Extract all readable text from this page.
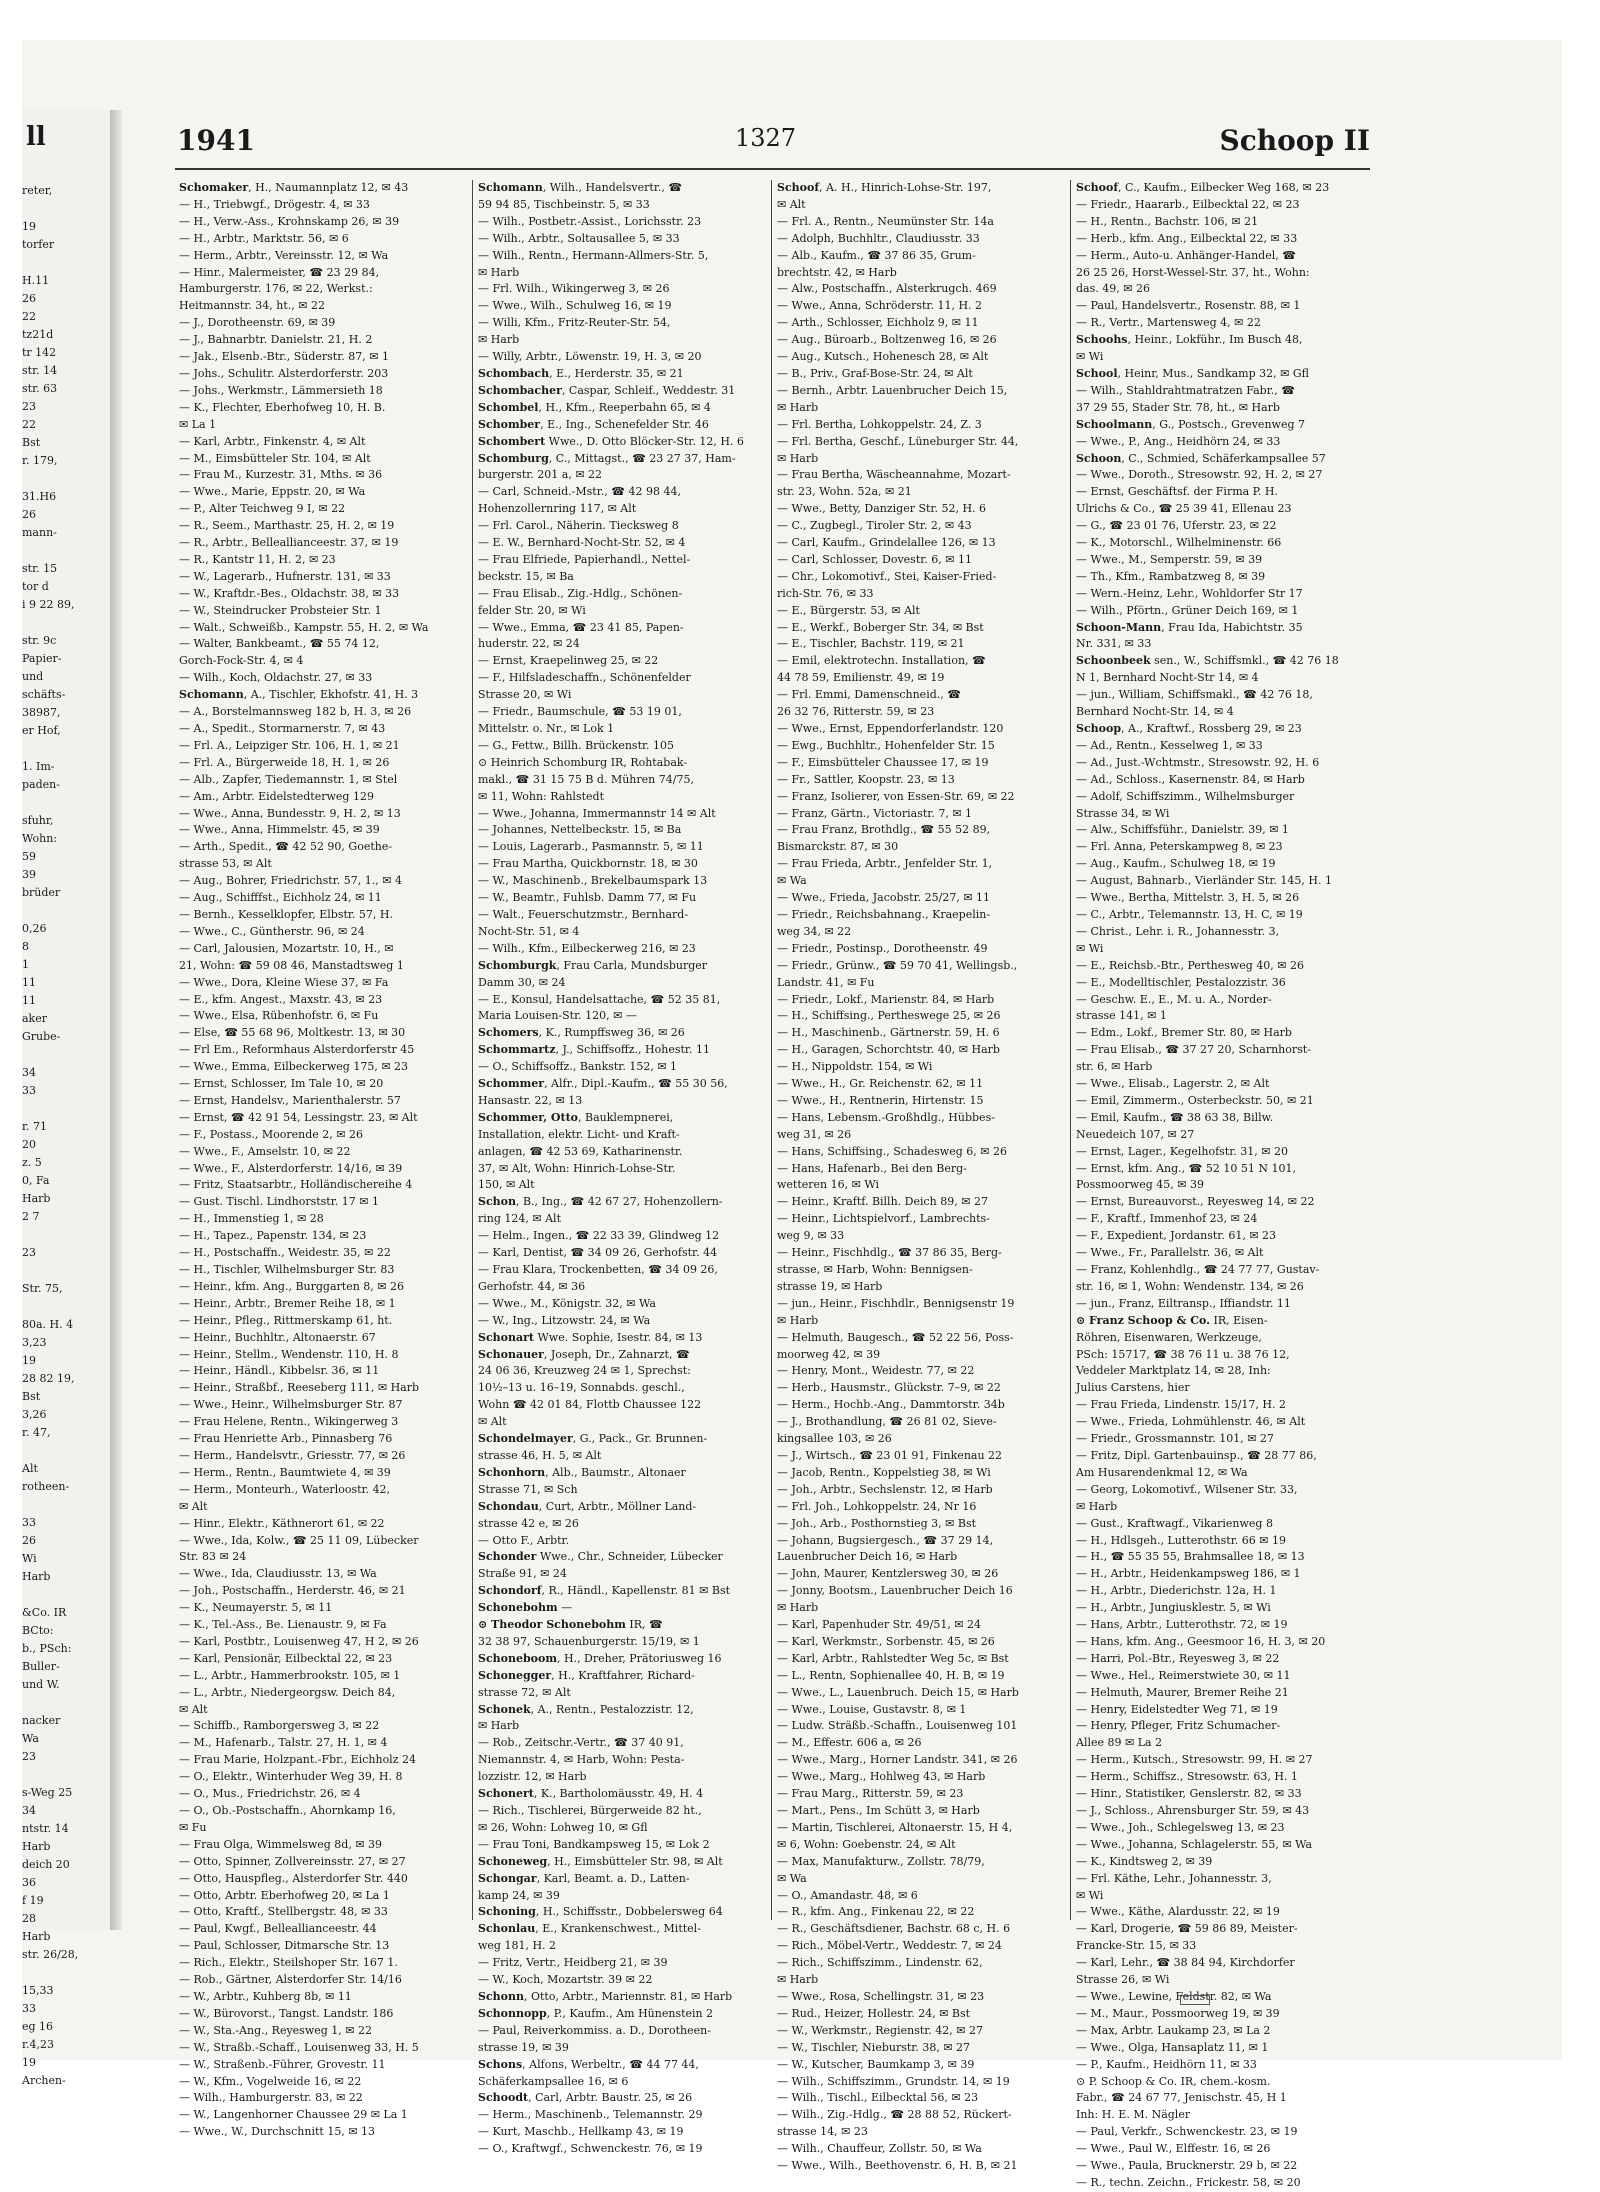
ll
reter,

19
torfer

H.11
26
22
tz21d
tr 142
str. 14
str. 63
23
22
Bst
r. 179,

31.H6
26
mann-

str. 15
tor d
i 9 22 89,

str. 9c
Papier-
und
schäfts-
38987,
er Hof,

1. Im-
paden-

sfuhr,
Wohn:
59
39
brüder

0,26
8
1
11
11
aker
Grube-

34
33

r. 71
20
z. 5
0, Fa
Harb
2 7

23

Str. 75,

80a. H. 4
3,23
19
28 82 19,
Bst
3,26
r. 47,

Alt
rotheen-

33
26
Wi
Harb

&Co. IR
BCto:
b., PSch:
Buller-
und W.

nacker
Wa
23

s-Weg 25
34
ntstr. 14
Harb
deich 20
36
f 19
28
Harb
str. 26/28,

15,33
33
eg 16
r.4,23
19
Archen-
1941	1327	Schoop II
Schomaker, H., Naumannplatz 12, ✉ 43
— H., Triebwgf., Drögestr. 4, ✉ 33
— H., Verw.-Ass., Krohnskamp 26, ✉ 39
— H., Arbtr., Marktstr. 56, ✉ 6
— Herm., Arbtr., Vereinsstr. 12, ✉ Wa
— Hinr., Malermeister, ☎ 23 29 84,
Hamburgerstr. 176, ✉ 22, Werkst.:
Heitmannstr. 34, ht., ✉ 22
— J., Dorotheenstr. 69, ✉ 39
— J., Bahnarbtr. Danielstr. 21, H. 2
— Jak., Elsenb.-Btr., Süderstr. 87, ✉ 1
— Johs., Schulitr. Alsterdorferstr. 203
— Johs., Werkmstr., Lämmersieth 18
— K., Flechter, Eberhofweg 10, H. B.
✉ La 1
— Karl, Arbtr., Finkenstr. 4, ✉ Alt
— M., Eimsbütteler Str. 104, ✉ Alt
— Frau M., Kurzestr. 31, Mths. ✉ 36
— Wwe., Marie, Eppstr. 20, ✉ Wa
— P., Alter Teichweg 9 I, ✉ 22
— R., Seem., Marthastr. 25, H. 2, ✉ 19
— R., Arbtr., Belleallianceestr. 37, ✉ 19
— R., Kantstr 11, H. 2, ✉ 23
— W., Lagerarb., Hufnerstr. 131, ✉ 33
— W., Kraftdr.-Bes., Oldachstr. 38, ✉ 33
— W., Steindrucker Probsteier Str. 1
— Walt., Schweißb., Kampstr. 55, H. 2, ✉ Wa
— Walter, Bankbeamt., ☎ 55 74 12,
Gorch-Fock-Str. 4, ✉ 4
— Wilh., Koch, Oldachstr. 27, ✉ 33
Schomann, A., Tischler, Ekhofstr. 41, H. 3
— A., Borstelmannsweg 182 b, H. 3, ✉ 26
— A., Spedit., Stormarnerstr. 7, ✉ 43
— Frl. A., Leipziger Str. 106, H. 1, ✉ 21
— Frl. A., Bürgerweide 18, H. 1, ✉ 26
— Alb., Zapfer, Tiedemannstr. 1, ✉ Stel
— Am., Arbtr. Eidelstedterweg 129
— Wwe., Anna, Bundesstr. 9, H. 2, ✉ 13
— Wwe., Anna, Himmelstr. 45, ✉ 39
— Arth., Spedit., ☎ 42 52 90, Goethe-
strasse 53, ✉ Alt
— Aug., Bohrer, Friedrichstr. 57, 1., ✉ 4
— Aug., Schifffst., Eichholz 24, ✉ 11
— Bernh., Kesselklopfer, Elbstr. 57, H.
— Wwe., C., Güntherstr. 96, ✉ 24
— Carl, Jalousien, Mozartstr. 10, H., ✉
21, Wohn: ☎ 59 08 46, Manstadtsweg 1
— Wwe., Dora, Kleine Wiese 37, ✉ Fa
— E., kfm. Angest., Maxstr. 43, ✉ 23
— Wwe., Elsa, Rübenhofstr. 6, ✉ Fu
— Else, ☎ 55 68 96, Moltkestr. 13, ✉ 30
— Frl Em., Reformhaus Alsterdorferstr 45
— Wwe., Emma, Eilbeckerweg 175, ✉ 23
— Ernst, Schlosser, Im Tale 10, ✉ 20
— Ernst, Handelsv., Marienthalerstr. 57
— Ernst, ☎ 42 91 54, Lessingstr. 23, ✉ Alt
— F., Postass., Moorende 2, ✉ 26
— Wwe., F., Amselstr. 10, ✉ 22
— Wwe., F., Alsterdorferstr. 14/16, ✉ 39
— Fritz, Staatsarbtr., Holländischereihe 4
— Gust. Tischl. Lindhorststr. 17 ✉ 1
— H., Immenstieg 1, ✉ 28
— H., Tapez., Papenstr. 134, ✉ 23
— H., Postschaffn., Weidestr. 35, ✉ 22
— H., Tischler, Wilhelmsburger Str. 83
— Heinr., kfm. Ang., Burggarten 8, ✉ 26
— Heinr., Arbtr., Bremer Reihe 18, ✉ 1
— Heinr., Pfleg., Rittmerskamp 61, ht.
— Heinr., Buchhltr., Altonaerstr. 67
— Heinr., Stellm., Wendenstr. 110, H. 8
— Heinr., Händl., Kibbelsr. 36, ✉ 11
— Heinr., Straßbf., Reeseberg 111, ✉ Harb
— Wwe., Heinr., Wilhelmsburger Str. 87
— Frau Helene, Rentn., Wikingerweg 3
— Frau Henriette Arb., Pinnasberg 76
— Herm., Handelsvtr., Griesstr. 77, ✉ 26
— Herm., Rentn., Baumtwiete 4, ✉ 39
— Herm., Monteurh., Waterloostr. 42,
✉ Alt
— Hinr., Elektr., Käthnerort 61, ✉ 22
— Wwe., Ida, Kolw., ☎ 25 11 09, Lübecker
Str. 83 ✉ 24
— Wwe., Ida, Claudiusstr. 13, ✉ Wa
— Joh., Postschaffn., Herderstr. 46, ✉ 21
— K., Neumayerstr. 5, ✉ 11
— K., Tel.-Ass., Be. Lienaustr. 9, ✉ Fa
— Karl, Postbtr., Louisenweg 47, H 2, ✉ 26
— Karl, Pensionär, Eilbecktal 22, ✉ 23
— L., Arbtr., Hammerbrookstr. 105, ✉ 1
— L., Arbtr., Niedergeorgsw. Deich 84,
✉ Alt
— Schiffb., Ramborgersweg 3, ✉ 22
— M., Hafenarb., Talstr. 27, H. 1, ✉ 4
— Frau Marie, Holzpant.-Fbr., Eichholz 24
— O., Elektr., Winterhuder Weg 39, H. 8
— O., Mus., Friedrichstr. 26, ✉ 4
— O., Ob.-Postschaffn., Ahornkamp 16,
✉ Fu
— Frau Olga, Wimmelsweg 8d, ✉ 39
— Otto, Spinner, Zollvereinsstr. 27, ✉ 27
— Otto, Hauspfleg., Alsterdorfer Str. 440
— Otto, Arbtr. Eberhofweg 20, ✉ La 1
— Otto, Kraftf., Stellbergstr. 48, ✉ 33
— Paul, Kwgf., Belleallianceestr. 44
— Paul, Schlosser, Ditmarsche Str. 13
— Rich., Elektr., Steilshoper Str. 167 1.
— Rob., Gärtner, Alsterdorfer Str. 14/16
— W., Arbtr., Kuhberg 8b, ✉ 11
— W., Bürovorst., Tangst. Landstr. 186
— W., Sta.-Ang., Reyesweg 1, ✉ 22
— W., Straßb.-Schaff., Louisenweg 33, H. 5
— W., Straßenb.-Führer, Grovestr. 11
— W., Kfm., Vogelweide 16, ✉ 22
— Wilh., Hamburgerstr. 83, ✉ 22
— W., Langenhorner Chaussee 29 ✉ La 1
— Wwe., W., Durchschnitt 15, ✉ 13
Schomann, Wilh., Handelsvertr., ☎
59 94 85, Tischbeinstr. 5, ✉ 33
— Wilh., Postbetr.-Assist., Lorichsstr. 23
— Wilh., Arbtr., Soltausallee 5, ✉ 33
— Wilh., Rentn., Hermann-Allmers-Str. 5,
✉ Harb
— Frl. Wilh., Wikingerweg 3, ✉ 26
— Wwe., Wilh., Schulweg 16, ✉ 19
— Willi, Kfm., Fritz-Reuter-Str. 54,
✉ Harb
— Willy, Arbtr., Löwenstr. 19, H. 3, ✉ 20
Schombach, E., Herderstr. 35, ✉ 21
Schombacher, Caspar, Schleif., Weddestr. 31
Schombel, H., Kfm., Reeperbahn 65, ✉ 4
Schomber, E., Ing., Schenefelder Str. 46
Schombert Wwe., D. Otto Blöcker-Str. 12, H. 6
Schomburg, C., Mittagst., ☎ 23 27 37, Ham-
burgerstr. 201 a, ✉ 22
— Carl, Schneid.-Mstr., ☎ 42 98 44,
Hohenzollernring 117, ✉ Alt
— Frl. Carol., Näherin. Tiecksweg 8
— E. W., Bernhard-Nocht-Str. 52, ✉ 4
— Frau Elfriede, Papierhandl., Nettel-
beckstr. 15, ✉ Ba
— Frau Elisab., Zig.-Hdlg., Schönen-
felder Str. 20, ✉ Wi
— Wwe., Emma, ☎ 23 41 85, Papen-
huderstr. 22, ✉ 24
— Ernst, Kraepelinweg 25, ✉ 22
— F., Hilfsladeschaffn., Schönenfelder
Strasse 20, ✉ Wi
— Friedr., Baumschule, ☎ 53 19 01,
Mittelstr. o. Nr., ✉ Lok 1
— G., Fettw., Billh. Brückenstr. 105
⊙ Heinrich Schomburg IR, Rohtabak-
makl., ☎ 31 15 75 B d. Mühren 74/75,
✉ 11, Wohn: Rahlstedt
— Wwe., Johanna, Immermannstr 14 ✉ Alt
— Johannes, Nettelbeckstr. 15, ✉ Ba
— Louis, Lagerarb., Pasmannstr. 5, ✉ 11
— Frau Martha, Quickbornstr. 18, ✉ 30
— W., Maschinenb., Brekelbaumspark 13
— W., Beamtr., Fuhlsb. Damm 77, ✉ Fu
— Walt., Feuerschutzmstr., Bernhard-
Nocht-Str. 51, ✉ 4
— Wilh., Kfm., Eilbeckerweg 216, ✉ 23
Schomburgk, Frau Carla, Mundsburger
Damm 30, ✉ 24
— E., Konsul, Handelsattache, ☎ 52 35 81,
Maria Louisen-Str. 120, ✉ —
Schomers, K., Rumpffsweg 36, ✉ 26
Schommartz, J., Schiffsoffz., Hohestr. 11
— O., Schiffsoffz., Bankstr. 152, ✉ 1
Schommer, Alfr., Dipl.-Kaufm., ☎ 55 30 56,
Hansastr. 22, ✉ 13
Schommer, Otto, Bauklempnerei,
Installation, elektr. Licht- und Kraft-
anlagen, ☎ 42 53 69, Katharinenstr.
37, ✉ Alt, Wohn: Hinrich-Lohse-Str.
150, ✉ Alt
Schon, B., Ing., ☎ 42 67 27, Hohenzollern-
ring 124, ✉ Alt
— Helm., Ingen., ☎ 22 33 39, Glindweg 12
— Karl, Dentist, ☎ 34 09 26, Gerhofstr. 44
— Frau Klara, Trockenbetten, ☎ 34 09 26,
Gerhofstr. 44, ✉ 36
— Wwe., M., Königstr. 32, ✉ Wa
— W., Ing., Litzowstr. 24, ✉ Wa
Schonart Wwe. Sophie, Isestr. 84, ✉ 13
Schonauer, Joseph, Dr., Zahnarzt, ☎
24 06 36, Kreuzweg 24 ✉ 1, Sprechst:
10½–13 u. 16–19, Sonnabds. geschl.,
Wohn ☎ 42 01 84, Flottb Chaussee 122
✉ Alt
Schondelmayer, G., Pack., Gr. Brunnen-
strasse 46, H. 5, ✉ Alt
Schonhorn, Alb., Baumstr., Altonaer
Strasse 71, ✉ Sch
Schondau, Curt, Arbtr., Möllner Land-
strasse 42 e, ✉ 26
— Otto F., Arbtr.
Schonder Wwe., Chr., Schneider, Lübecker
Straße 91, ✉ 24
Schondorf, R., Händl., Kapellenstr. 81 ✉ Bst
Schonebohm —
⊙ Theodor Schonebohm IR, ☎
32 38 97, Schauenburgerstr. 15/19, ✉ 1
Schoneboom, H., Dreher, Prätoriusweg 16
Schonegger, H., Kraftfahrer, Richard-
strasse 72, ✉ Alt
Schonek, A., Rentn., Pestalozzistr. 12,
✉ Harb
— Rob., Zeitschr.-Vertr., ☎ 37 40 91,
Niemannstr. 4, ✉ Harb, Wohn: Pesta-
lozzistr. 12, ✉ Harb
Schonert, K., Bartholomäusstr. 49, H. 4
— Rich., Tischlerei, Bürgerweide 82 ht.,
✉ 26, Wohn: Lohweg 10, ✉ Gfl
— Frau Toni, Bandkampsweg 15, ✉ Lok 2
Schoneweg, H., Eimsbütteler Str. 98, ✉ Alt
Schongar, Karl, Beamt. a. D., Latten-
kamp 24, ✉ 39
Schoning, H., Schiffsstr., Dobbelersweg 64
Schonlau, E., Krankenschwest., Mittel-
weg 181, H. 2
— Fritz, Vertr., Heidberg 21, ✉ 39
— W., Koch, Mozartstr. 39 ✉ 22
Schonn, Otto, Arbtr., Mariennstr. 81, ✉ Harb
Schonnopp, P., Kaufm., Am Hünenstein 2
— Paul, Reiverkommiss. a. D., Dorotheen-
strasse 19, ✉ 39
Schons, Alfons, Werbeltr., ☎ 44 77 44,
Schäferkampsallee 16, ✉ 6
Schoodt, Carl, Arbtr. Baustr. 25, ✉ 26
— Herm., Maschinenb., Telemannstr. 29
— Kurt, Maschb., Hellkamp 43, ✉ 19
— O., Kraftwgf., Schwenckestr. 76, ✉ 19
Schoof, A. H., Hinrich-Lohse-Str. 197,
✉ Alt
— Frl. A., Rentn., Neumünster Str. 14a
— Adolph, Buchhltr., Claudiusstr. 33
— Alb., Kaufm., ☎ 37 86 35, Grum-
brechtstr. 42, ✉ Harb
— Alw., Postschaffn., Alsterkrugch. 469
— Wwe., Anna, Schröderstr. 11, H. 2
— Arth., Schlosser, Eichholz 9, ✉ 11
— Aug., Büroarb., Boltzenweg 16, ✉ 26
— Aug., Kutsch., Hohenesch 28, ✉ Alt
— B., Priv., Graf-Bose-Str. 24, ✉ Alt
— Bernh., Arbtr. Lauenbrucher Deich 15,
✉ Harb
— Frl. Bertha, Lohkoppelstr. 24, Z. 3
— Frl. Bertha, Geschf., Lüneburger Str. 44,
✉ Harb
— Frau Bertha, Wäscheannahme, Mozart-
str. 23, Wohn. 52a, ✉ 21
— Wwe., Betty, Danziger Str. 52, H. 6
— C., Zugbegl., Tiroler Str. 2, ✉ 43
— Carl, Kaufm., Grindelallee 126, ✉ 13
— Carl, Schlosser, Dovestr. 6, ✉ 11
— Chr., Lokomotivf., Stei, Kaiser-Fried-
rich-Str. 76, ✉ 33
— E., Bürgerstr. 53, ✉ Alt
— E., Werkf., Boberger Str. 34, ✉ Bst
— E., Tischler, Bachstr. 119, ✉ 21
— Emil, elektrotechn. Installation, ☎
44 78 59, Emilienstr. 49, ✉ 19
— Frl. Emmi, Damenschneid., ☎
26 32 76, Ritterstr. 59, ✉ 23
— Wwe., Ernst, Eppendorferlandstr. 120
— Ewg., Buchhltr., Hohenfelder Str. 15
— F., Eimsbütteler Chaussee 17, ✉ 19
— Fr., Sattler, Koopstr. 23, ✉ 13
— Franz, Isolierer, von Essen-Str. 69, ✉ 22
— Franz, Gärtn., Victoriastr. 7, ✉ 1
— Frau Franz, Brothdlg., ☎ 55 52 89,
Bismarckstr. 87, ✉ 30
— Frau Frieda, Arbtr., Jenfelder Str. 1,
✉ Wa
— Wwe., Frieda, Jacobstr. 25/27, ✉ 11
— Friedr., Reichsbahnang., Kraepelin-
weg 34, ✉ 22
— Friedr., Postinsp., Dorotheenstr. 49
— Friedr., Grünw., ☎ 59 70 41, Wellingsb.,
Landstr. 41, ✉ Fu
— Friedr., Lokf., Marienstr. 84, ✉ Harb
— H., Schiffsing., Pertheswege 25, ✉ 26
— H., Maschinenb., Gärtnerstr. 59, H. 6
— H., Garagen, Schorchtstr. 40, ✉ Harb
— H., Nippoldstr. 154, ✉ Wi
— Wwe., H., Gr. Reichenstr. 62, ✉ 11
— Wwe., H., Rentnerin, Hirtenstr. 15
— Hans, Lebensm.-Großhdlg., Hübbes-
weg 31, ✉ 26
— Hans, Schiffsing., Schadesweg 6, ✉ 26
— Hans, Hafenarb., Bei den Berg-
wetteren 16, ✉ Wi
— Heinr., Kraftf. Billh. Deich 89, ✉ 27
— Heinr., Lichtspielvorf., Lambrechts-
weg 9, ✉ 33
— Heinr., Fischhdlg., ☎ 37 86 35, Berg-
strasse, ✉ Harb, Wohn: Bennigsen-
strasse 19, ✉ Harb
— jun., Heinr., Fischhdlr., Bennigsenstr 19
✉ Harb
— Helmuth, Baugesch., ☎ 52 22 56, Poss-
moorweg 42, ✉ 39
— Henry, Mont., Weidestr. 77, ✉ 22
— Herb., Hausmstr., Glückstr. 7–9, ✉ 22
— Herm., Hochb.-Ang., Dammtorstr. 34b
— J., Brothandlung, ☎ 26 81 02, Sieve-
kingsallee 103, ✉ 26
— J., Wirtsch., ☎ 23 01 91, Finkenau 22
— Jacob, Rentn., Koppelstieg 38, ✉ Wi
— Joh., Arbtr., Sechslenstr. 12, ✉ Harb
— Frl. Joh., Lohkoppelstr. 24, Nr 16
— Joh., Arb., Posthornstieg 3, ✉ Bst
— Johann, Bugsiergesch., ☎ 37 29 14,
Lauenbrucher Deich 16, ✉ Harb
— John, Maurer, Kentzlersweg 30, ✉ 26
— Jonny, Bootsm., Lauenbrucher Deich 16
✉ Harb
— Karl, Papenhuder Str. 49/51, ✉ 24
— Karl, Werkmstr., Sorbenstr. 45, ✉ 26
— Karl, Arbtr., Rahlstedter Weg 5c, ✉ Bst
— L., Rentn, Sophienallee 40, H. B, ✉ 19
— Wwe., L., Lauenbruch. Deich 15, ✉ Harb
— Wwe., Louise, Gustavstr. 8, ✉ 1
— Ludw. Sträßb.-Schaffn., Louisenweg 101
— M., Effestr. 606 a, ✉ 26
— Wwe., Marg., Horner Landstr. 341, ✉ 26
— Wwe., Marg., Hohlweg 43, ✉ Harb
— Frau Marg., Ritterstr. 59, ✉ 23
— Mart., Pens., Im Schütt 3, ✉ Harb
— Martin, Tischlerei, Altonaerstr. 15, H 4,
✉ 6, Wohn: Goebenstr. 24, ✉ Alt
— Max, Manufakturw., Zollstr. 78/79,
✉ Wa
— O., Amandastr. 48, ✉ 6
— R., kfm. Ang., Finkenau 22, ✉ 22
— R., Geschäftsdiener, Bachstr. 68 c, H. 6
— Rich., Möbel-Vertr., Weddestr. 7, ✉ 24
— Rich., Schiffszimm., Lindenstr. 62,
✉ Harb
— Wwe., Rosa, Schellingstr. 31, ✉ 23
— Rud., Heizer, Hollestr. 24, ✉ Bst
— W., Werkmstr., Regienstr. 42, ✉ 27
— W., Tischler, Nieburstr. 38, ✉ 27
— W., Kutscher, Baumkamp 3, ✉ 39
— Wilh., Schiffszimm., Grundstr. 14, ✉ 19
— Wilh., Tischl., Eilbecktal 56, ✉ 23
— Wilh., Zig.-Hdlg., ☎ 28 88 52, Rückert-
strasse 14, ✉ 23
— Wilh., Chauffeur, Zollstr. 50, ✉ Wa
— Wwe., Wilh., Beethovenstr. 6, H. B, ✉ 21
Schoof, C., Kaufm., Eilbecker Weg 168, ✉ 23
— Friedr., Haararb., Eilbecktal 22, ✉ 23
— H., Rentn., Bachstr. 106, ✉ 21
— Herb., kfm. Ang., Eilbecktal 22, ✉ 33
— Herm., Auto-u. Anhänger-Handel, ☎
26 25 26, Horst-Wessel-Str. 37, ht., Wohn:
das. 49, ✉ 26
— Paul, Handelsvertr., Rosenstr. 88, ✉ 1
— R., Vertr., Martensweg 4, ✉ 22
Schoohs, Heinr., Lokführ., Im Busch 48,
✉ Wi
School, Heinr, Mus., Sandkamp 32, ✉ Gfl
— Wilh., Stahldrahtmatratzen Fabr., ☎
37 29 55, Stader Str. 78, ht., ✉ Harb
Schoolmann, G., Postsch., Grevenweg 7
— Wwe., P., Ang., Heidhörn 24, ✉ 33
Schoon, C., Schmied, Schäferkampsallee 57
— Wwe., Doroth., Stresowstr. 92, H. 2, ✉ 27
— Ernst, Geschäftsf. der Firma P. H.
Ulrichs & Co., ☎ 25 39 41, Ellenau 23
— G., ☎ 23 01 76, Uferstr. 23, ✉ 22
— K., Motorschl., Wilhelminenstr. 66
— Wwe., M., Semperstr. 59, ✉ 39
— Th., Kfm., Rambatzweg 8, ✉ 39
— Wern.-Heinz, Lehr., Wohldorfer Str 17
— Wilh., Pförtn., Grüner Deich 169, ✉ 1
Schoon-Mann, Frau Ida, Habichtstr. 35
Nr. 331, ✉ 33
Schoonbeek sen., W., Schiffsmkl., ☎ 42 76 18
N 1, Bernhard Nocht-Str 14, ✉ 4
— jun., William, Schiffsmakl., ☎ 42 76 18,
Bernhard Nocht-Str. 14, ✉ 4
Schoop, A., Kraftwf., Rossberg 29, ✉ 23
— Ad., Rentn., Kesselweg 1, ✉ 33
— Ad., Just.-Wchtmstr., Stresowstr. 92, H. 6
— Ad., Schloss., Kasernenstr. 84, ✉ Harb
— Adolf, Schiffszimm., Wilhelmsburger
Strasse 34, ✉ Wi
— Alw., Schiffsführ., Danielstr. 39, ✉ 1
— Frl. Anna, Peterskampweg 8, ✉ 23
— Aug., Kaufm., Schulweg 18, ✉ 19
— August, Bahnarb., Vierländer Str. 145, H. 1
— Wwe., Bertha, Mittelstr. 3, H. 5, ✉ 26
— C., Arbtr., Telemannstr. 13, H. C, ✉ 19
— Christ., Lehr. i. R., Johannesstr. 3,
✉ Wi
— E., Reichsb.-Btr., Perthesweg 40, ✉ 26
— E., Modelltischler, Pestalozzistr. 36
— Geschw. E., E., M. u. A., Norder-
strasse 141, ✉ 1
— Edm., Lokf., Bremer Str. 80, ✉ Harb
— Frau Elisab., ☎ 37 27 20, Scharnhorst-
str. 6, ✉ Harb
— Wwe., Elisab., Lagerstr. 2, ✉ Alt
— Emil, Zimmerm., Osterbeckstr. 50, ✉ 21
— Emil, Kaufm., ☎ 38 63 38, Billw.
Neuedeich 107, ✉ 27
— Ernst, Lager., Kegelhofstr. 31, ✉ 20
— Ernst, kfm. Ang., ☎ 52 10 51 N 101,
Possmoorweg 45, ✉ 39
— Ernst, Bureauvorst., Reyesweg 14, ✉ 22
— F., Kraftf., Immenhof 23, ✉ 24
— F., Expedient, Jordanstr. 61, ✉ 23
— Wwe., Fr., Parallelstr. 36, ✉ Alt
— Franz, Kohlenhdlg., ☎ 24 77 77, Gustav-
str. 16, ✉ 1, Wohn: Wendenstr. 134, ✉ 26
— jun., Franz, Eiltransp., Iffiandstr. 11
⊙ Franz Schoop & Co. IR, Eisen-
Röhren, Eisenwaren, Werkzeuge,
PSch: 15717, ☎ 38 76 11 u. 38 76 12,
Veddeler Marktplatz 14, ✉ 28, Inh:
Julius Carstens, hier
— Frau Frieda, Lindenstr. 15/17, H. 2
— Wwe., Frieda, Lohmühlenstr. 46, ✉ Alt
— Friedr., Grossmannstr. 101, ✉ 27
— Fritz, Dipl. Gartenbauinsp., ☎ 28 77 86,
Am Husarendenkmal 12, ✉ Wa
— Georg, Lokomotivf., Wilsener Str. 33,
✉ Harb
— Gust., Kraftwagf., Vikarienweg 8
— H., Hdlsgeh., Lutterothstr. 66 ✉ 19
— H., ☎ 55 35 55, Brahmsallee 18, ✉ 13
— H., Arbtr., Heidenkampsweg 186, ✉ 1
— H., Arbtr., Diederichstr. 12a, H. 1
— H., Arbtr., Jungiusklestr. 5, ✉ Wi
— Hans, Arbtr., Lutterothstr. 72, ✉ 19
— Hans, kfm. Ang., Geesmoor 16, H. 3, ✉ 20
— Harri, Pol.-Btr., Reyesweg 3, ✉ 22
— Wwe., Hel., Reimerstwiete 30, ✉ 11
— Helmuth, Maurer, Bremer Reihe 21
— Henry, Eidelstedter Weg 71, ✉ 19
— Henry, Pfleger, Fritz Schumacher-
Allee 89 ✉ La 2
— Herm., Kutsch., Stresowstr. 99, H. ✉ 27
— Herm., Schiffsz., Stresowstr. 63, H. 1
— Hinr., Statistiker, Genslerstr. 82, ✉ 33
— J., Schloss., Ahrensburger Str. 59, ✉ 43
— Wwe., Joh., Schlegelsweg 13, ✉ 23
— Wwe., Johanna, Schlagelerstr. 55, ✉ Wa
— K., Kindtsweg 2, ✉ 39
— Frl. Käthe, Lehr., Johannesstr. 3,
✉ Wi
— Wwe., Käthe, Alardusstr. 22, ✉ 19
— Karl, Drogerie, ☎ 59 86 89, Meister-
Francke-Str. 15, ✉ 33
— Karl, Lehr., ☎ 38 84 94, Kirchdorfer
Strasse 26, ✉ Wi
— Wwe., Lewine, Feldstr. 82, ✉ Wa
— M., Maur., Possmoorweg 19, ✉ 39
— Max, Arbtr. Laukamp 23, ✉ La 2
— Wwe., Olga, Hansaplatz 11, ✉ 1
— P., Kaufm., Heidhörn 11, ✉ 33
⊙ P. Schoop & Co. IR, chem.-kosm.
Fabr., ☎ 24 67 77, Jenischstr. 45, H 1
Inh: H. E. M. Nägler
— Paul, Verkfr., Schwenckestr. 23, ✉ 19
— Wwe., Paul W., Elffestr. 16, ✉ 26
— Wwe., Paula, Brucknerstr. 29 b, ✉ 22
— R., techn. Zeichn., Frickestr. 58, ✉ 20
